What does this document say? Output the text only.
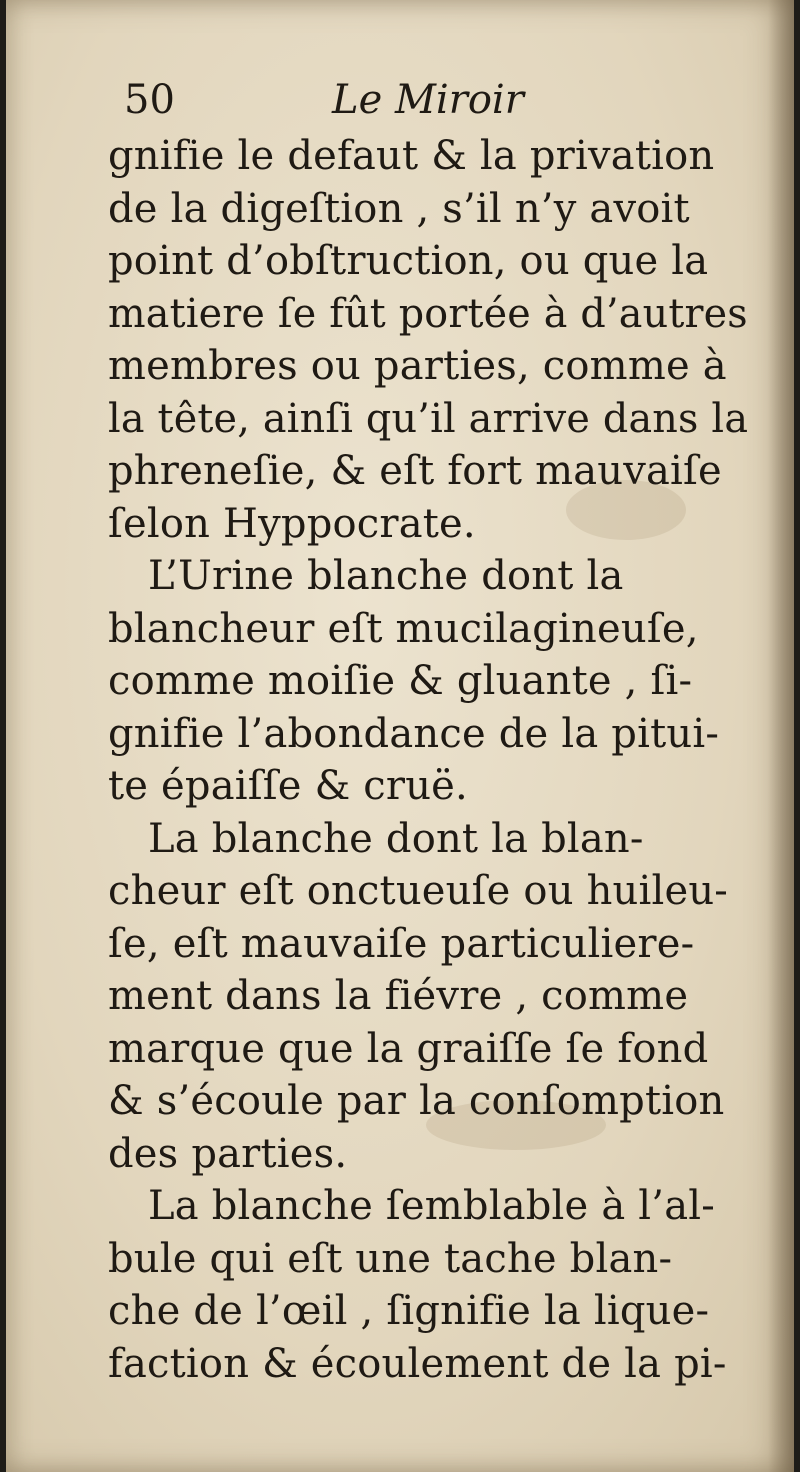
50	Le Miroir
gnifie le defaut & la privation
de la digeſtion , s’il n’y avoit
point d’obſtruction, ou que la
matiere ſe fût portée à d’autres
membres ou parties, comme à
la tête, ainſi qu’il arrive dans la
phreneſie, & eſt fort mauvaiſe
ſelon Hyppocrate.
L’Urine blanche dont la
blancheur eſt mucilagineuſe,
comme moiſie & gluante , ſi-
gnifie l’abondance de la pitui-
te épaiſſe & cruë.
La blanche dont la blan-
cheur eſt onctueuſe ou huileu-
ſe, eſt mauvaiſe particuliere-
ment dans la fiévre , comme
marque que la graiſſe ſe fond
& s’écoule par la conſomption
des parties.
La blanche ſemblable à l’al-
bule qui eſt une tache blan-
che de l’œil , ſignifie la lique-
faction & écoulement de la pi-
